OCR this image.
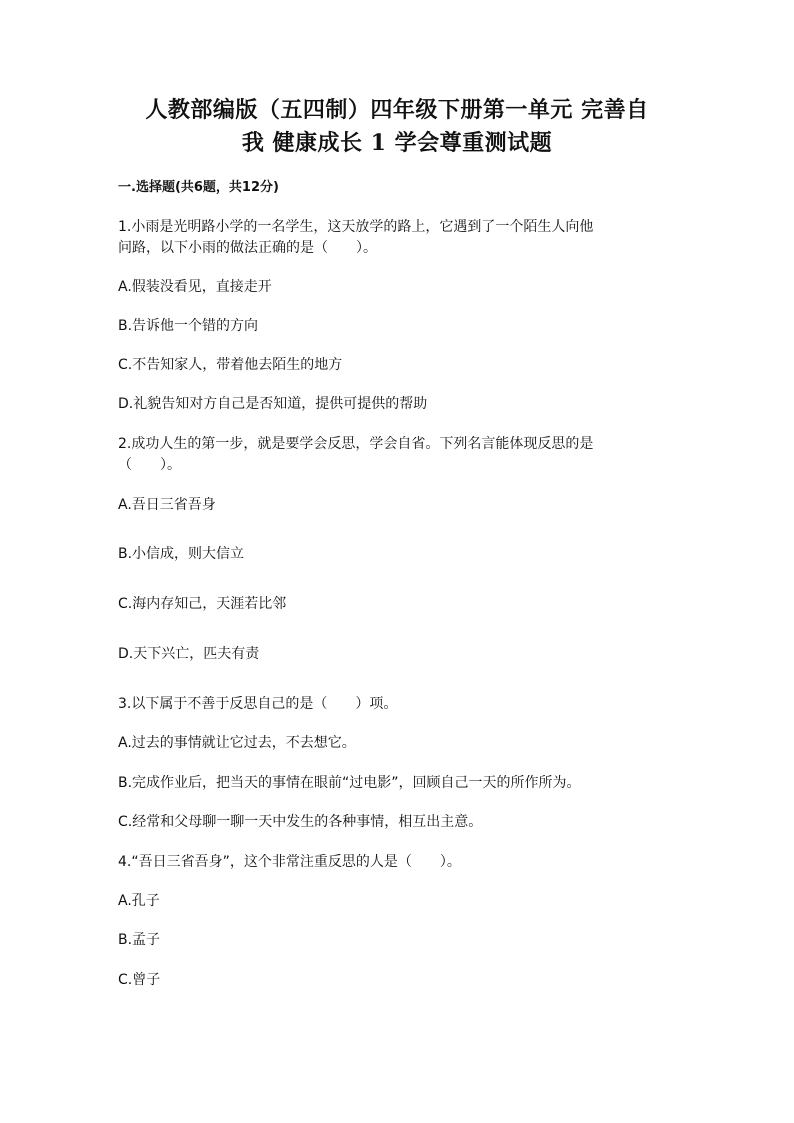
人教部编版（五四制）四年级下册第一单元 完善自
我 健康成长 1 学会尊重测试题
一.选择题(共6题，共12分)
1.小雨是光明路小学的一名学生，这天放学的路上，它遇到了一个陌生人向他
问路，以下小雨的做法正确的是（　　）。
A.假装没看见，直接走开
B.告诉他一个错的方向
C.不告知家人，带着他去陌生的地方
D.礼貌告知对方自己是否知道，提供可提供的帮助
2.成功人生的第一步，就是要学会反思，学会自省。下列名言能体现反思的是
（　　）。
A.吾日三省吾身
B.小信成，则大信立
C.海内存知己，天涯若比邻
D.天下兴亡，匹夫有责
3.以下属于不善于反思自己的是（　　）项。
A.过去的事情就让它过去，不去想它。
B.完成作业后，把当天的事情在眼前“过电影”，回顾自己一天的所作所为。
C.经常和父母聊一聊一天中发生的各种事情，相互出主意。
4.“吾日三省吾身”，这个非常注重反思的人是（　　）。
A.孔子
B.孟子
C.曾子
